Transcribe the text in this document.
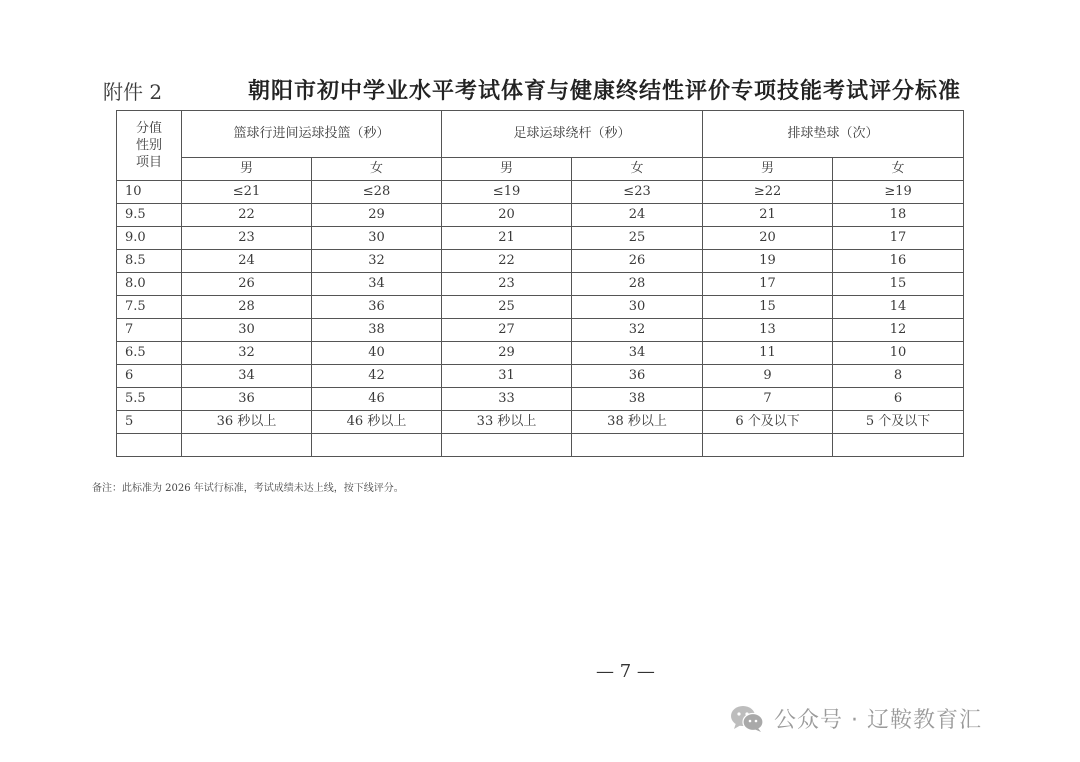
附件 2	朝阳市初中学业水平考试体育与健康终结性评价专项技能考试评分标准
分值
性别
项目	篮球行进间运球投篮（秒）		足球运球绕杆（秒）		排球垫球（次）	
	男	女	男	女	男	女
10	≤21	≤28	≤19	≤23	≥22	≥19
9.5	22	29	20	24	21	18
9.0	23	30	21	25	20	17
8.5	24	32	22	26	19	16
8.0	26	34	23	28	17	15
7.5	28	36	25	30	15	14
7	30	38	27	32	13	12
6.5	32	40	29	34	11	10
6	34	42	31	36	9	8
5.5	36	46	33	38	7	6
5	36 秒以上	46 秒以上	33 秒以上	38 秒以上	6 个及以下	5 个及以下

备注：此标准为 2026 年试行标准，考试成绩未达上线，按下线评分。
— 7 —
公众号 · 辽鞍教育汇
